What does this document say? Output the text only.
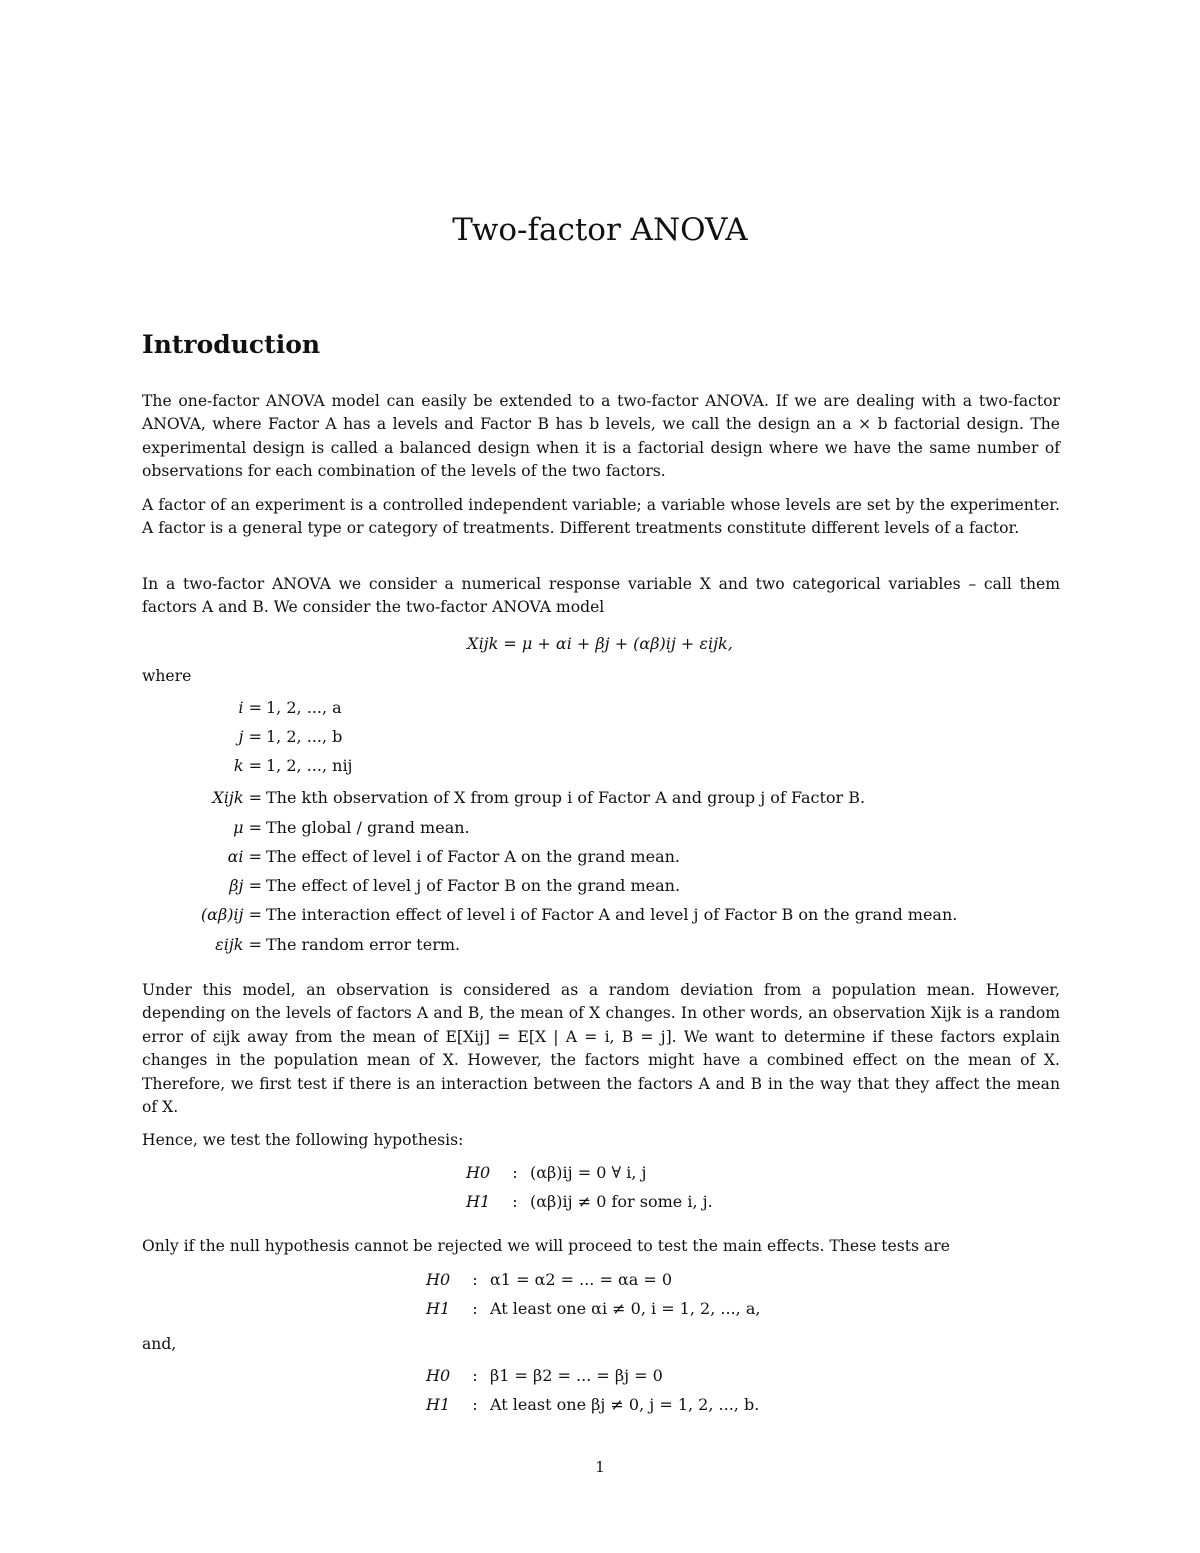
Two-factor ANOVA
Introduction

The one-factor ANOVA model can easily be extended to a two-factor ANOVA. If we are dealing with a two-factor ANOVA, where Factor A has a levels and Factor B has b levels, we call the design an a × b factorial design. The experimental design is called a balanced design when it is a factorial design where we have the same number of observations for each combination of the levels of the two factors.

A factor of an experiment is a controlled independent variable; a variable whose levels are set by the experimenter. A factor is a general type or category of treatments. Different treatments constitute different levels of a factor.

In a two-factor ANOVA we consider a numerical response variable X and two categorical variables – call them factors A and B. We consider the two-factor ANOVA model

Xijk = μ + αi + βj + (αβ)ij + εijk,

where

i = 1, 2, ..., a
j = 1, 2, ..., b
k = 1, 2, ..., nij
Xijk = The kth observation of X from group i of Factor A and group j of Factor B.
μ = The global / grand mean.
αi = The effect of level i of Factor A on the grand mean.
βj = The effect of level j of Factor B on the grand mean.
(αβ)ij = The interaction effect of level i of Factor A and level j of Factor B on the grand mean.
εijk = The random error term.

Under this model, an observation is considered as a random deviation from a population mean. However, depending on the levels of factors A and B, the mean of X changes. In other words, an observation Xijk is a random error of εijk away from the mean of E[Xij] = E[X | A = i, B = j]. We want to determine if these factors explain changes in the population mean of X. However, the factors might have a combined effect on the mean of X. Therefore, we first test if there is an interaction between the factors A and B in the way that they affect the mean of X.

Hence, we test the following hypothesis:

H0 : (αβ)ij = 0 ∀ i, j
H1 : (αβ)ij ≠ 0 for some i, j.

Only if the null hypothesis cannot be rejected we will proceed to test the main effects. These tests are

H0 : α1 = α2 = ... = αa = 0
H1 : At least one αi ≠ 0, i = 1, 2, ..., a,

and,

H0 : β1 = β2 = ... = βj = 0
H1 : At least one βj ≠ 0, j = 1, 2, ..., b.
1
